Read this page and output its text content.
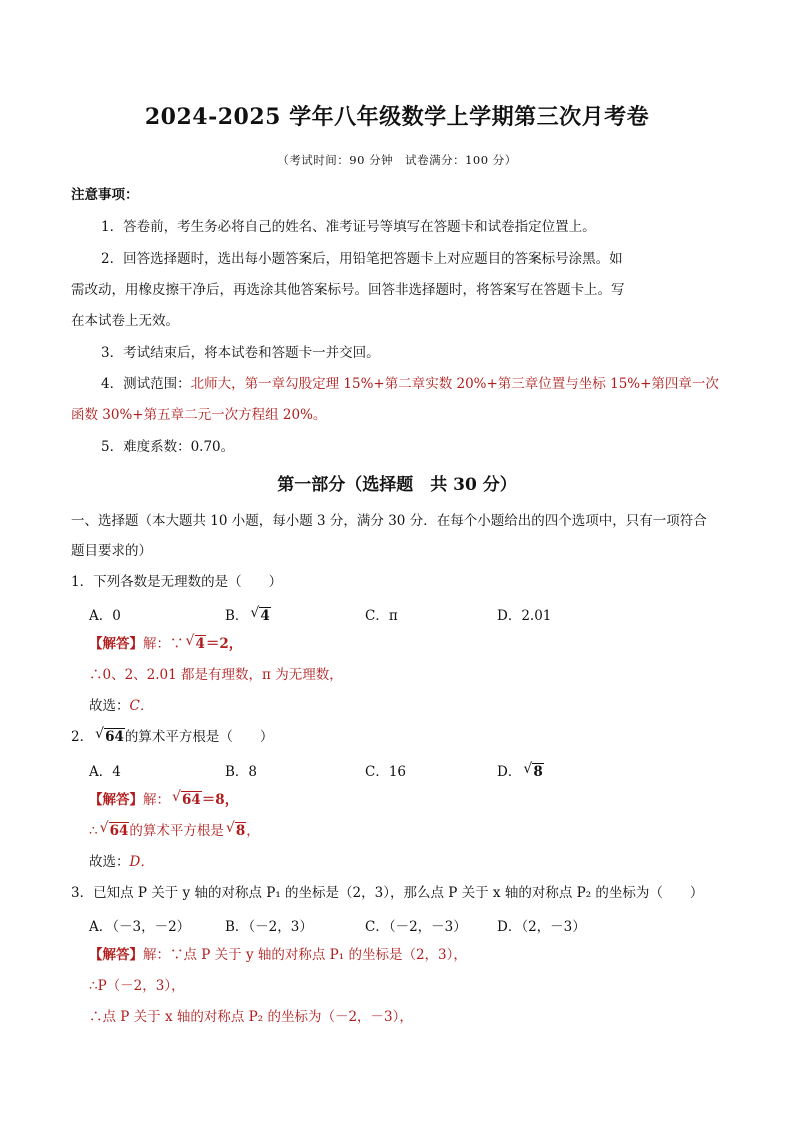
2024-2025 学年八年级数学上学期第三次月考卷
（考试时间：90 分钟　试卷满分：100 分）
注意事项：
1．答卷前，考生务必将自己的姓名、准考证号等填写在答题卡和试卷指定位置上。
2．回答选择题时，选出每小题答案后，用铅笔把答题卡上对应题目的答案标号涂黑。如
需改动，用橡皮擦干净后，再选涂其他答案标号。回答非选择题时，将答案写在答题卡上。写
在本试卷上无效。
3．考试结束后，将本试卷和答题卡一并交回。
4．测试范围：北师大，第一章勾股定理 15%+第二章实数 20%+第三章位置与坐标 15%+第四章一次
函数 30%+第五章二元一次方程组 20%。
5．难度系数：0.70。
第一部分（选择题　共 30 分）
一、选择题（本大题共 10 小题，每小题 3 分，满分 30 分．在每个小题给出的四个选项中，只有一项符合
题目要求的）
1．下列各数是无理数的是（　　）
A．0	B． √ 4	C．π	D．2.01
【解答】解：∵ √ 4＝2，
∴0、2、2.01 都是有理数，π 为无理数，
故选：C．
2． √ 64的算术平方根是（　　）
A．4	B．8	C．16	D． √ 8
【解答】解： √ 64＝8，
∴ √ 64的算术平方根是 √ 8，
故选：D．
3．已知点 P 关于 y 轴的对称点 P₁ 的坐标是（2，3），那么点 P 关于 x 轴的对称点 P₂ 的坐标为（　　）
A．（－3，－2）	B．（－2，3）	C．（－2，－3） D．（2，－3）
【解答】解：∵点 P 关于 y 轴的对称点 P₁ 的坐标是（2，3），
∴P（－2，3），
∴点 P 关于 x 轴的对称点 P₂ 的坐标为（－2，－3），
